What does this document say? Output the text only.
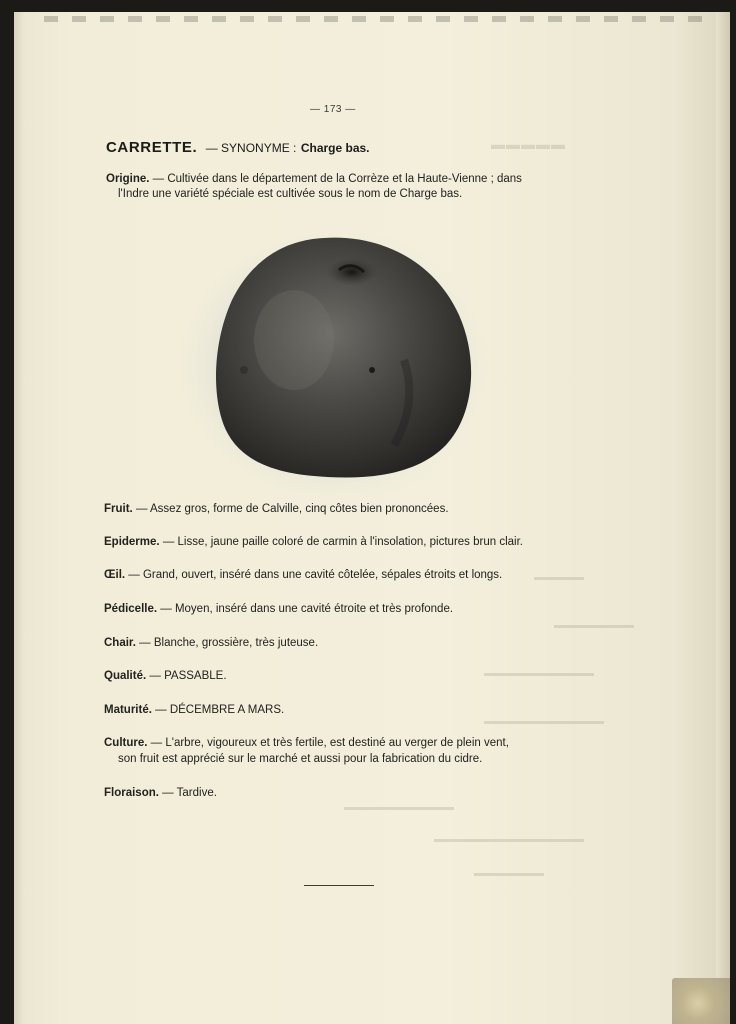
▬▬▬▬▬
▬▬▬▬▬
▬▬▬▬▬▬▬▬
▬▬▬▬▬▬▬▬▬▬▬
▬▬▬▬▬▬▬▬▬▬▬▬
▬▬▬▬▬▬▬▬▬▬▬
▬▬▬▬▬▬▬▬▬▬▬▬▬▬▬
▬▬▬▬▬▬▬
— 173 —
CARRETTE. — SYNONYME : Charge bas.
Origine. — Cultivée dans le département de la Corrèze et la Haute-Vienne ; dans
l'Indre une variété spéciale est cultivée sous le nom de Charge bas.
Fruit. — Assez gros, forme de Calville, cinq côtes bien prononcées.
Epiderme. — Lisse, jaune paille coloré de carmin à l'insolation, pictures brun clair.
Œil. — Grand, ouvert, inséré dans une cavité côtelée, sépales étroits et longs.
Pédicelle. — Moyen, inséré dans une cavité étroite et très profonde.
Chair. — Blanche, grossière, très juteuse.
Qualité. — PASSABLE.
Maturité. — DÉCEMBRE A MARS.
Culture. — L'arbre, vigoureux et très fertile, est destiné au verger de plein vent,
son fruit est apprécié sur le marché et aussi pour la fabrication du cidre.
Floraison. — Tardive.
